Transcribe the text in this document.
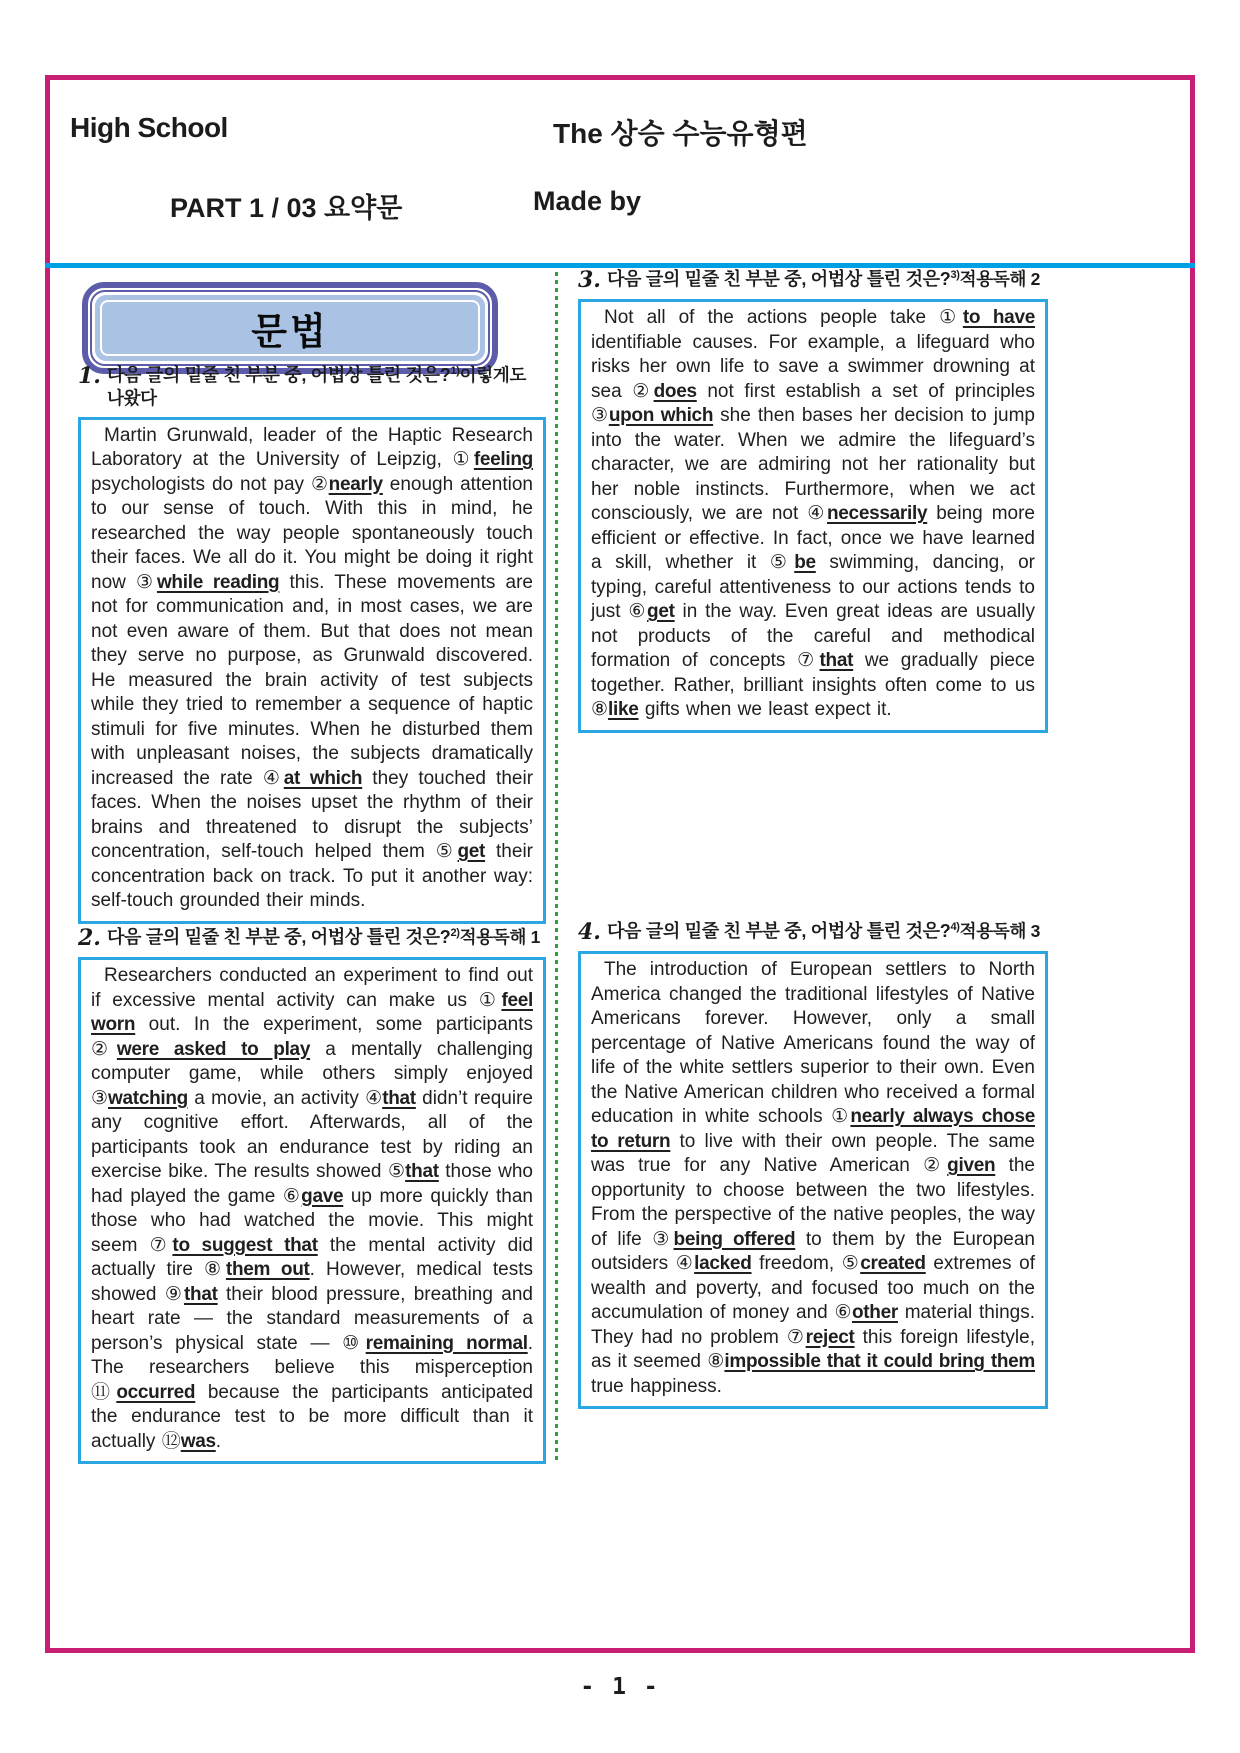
High School	The 상승 수능유형편
PART 1 / 03 요약문	Made by
문법
1. 다음 글의 밑줄 친 부분 중, 어법상 틀린 것은?$^{1)}$이렇게도 나왔다

Martin Grunwald, leader of the Haptic Research Laboratory at the University of Leipzig, ①feeling psychologists do not pay ②nearly enough attention to our sense of touch. With this in mind, he researched the way people spontaneously touch their faces. We all do it. You might be doing it right now ③while reading this. These movements are not for communication and, in most cases, we are not even aware of them. But that does not mean they serve no purpose, as Grunwald discovered. He measured the brain activity of test subjects while they tried to remember a sequence of haptic stimuli for five minutes. When he disturbed them with unpleasant noises, the subjects dramatically increased the rate ④at which they touched their faces. When the noises upset the rhythm of their brains and threatened to disrupt the subjects’ concentration, self-touch helped them ⑤get their concentration back on track. To put it another way: self-touch grounded their minds.

2. 다음 글의 밑줄 친 부분 중, 어법상 틀린 것은?$^{2)}$적용독해 1

Researchers conducted an experiment to find out if excessive mental activity can make us ①feel worn out. In the experiment, some participants ②were asked to play a mentally challenging computer game, while others simply enjoyed ③watching a movie, an activity ④that didn’t require any cognitive effort. Afterwards, all of the participants took an endurance test by riding an exercise bike. The results showed ⑤that those who had played the game ⑥gave up more quickly than those who had watched the movie. This might seem ⑦to suggest that the mental activity did actually tire ⑧them out. However, medical tests showed ⑨that their blood pressure, breathing and heart rate — the standard measurements of a person’s physical state — ⑩remaining normal. The researchers believe this misperception ⑪occurred because the participants anticipated the endurance test to be more difficult than it actually ⑫was.

3. 다음 글의 밑줄 친 부분 중, 어법상 틀린 것은?$^{3)}$적용독해 2

Not all of the actions people take ①to have identifiable causes. For example, a lifeguard who risks her own life to save a swimmer drowning at sea ②does not first establish a set of principles ③upon which she then bases her decision to jump into the water. When we admire the lifeguard’s character, we are admiring not her rationality but her noble instincts. Furthermore, when we act consciously, we are not ④necessarily being more efficient or effective. In fact, once we have learned a skill, whether it ⑤be swimming, dancing, or typing, careful attentiveness to our actions tends to just ⑥get in the way. Even great ideas are usually not products of the careful and methodical formation of concepts ⑦that we gradually piece together. Rather, brilliant insights often come to us ⑧like gifts when we least expect it.

4. 다음 글의 밑줄 친 부분 중, 어법상 틀린 것은?$^{4)}$적용독해 3

The introduction of European settlers to North America changed the traditional lifestyles of Native Americans forever. However, only a small percentage of Native Americans found the way of life of the white settlers superior to their own. Even the Native American children who received a formal education in white schools ①nearly always chose to return to live with their own people. The same was true for any Native American ②given the opportunity to choose between the two lifestyles. From the perspective of the native peoples, the way of life ③being offered to them by the European outsiders ④lacked freedom, ⑤created extremes of wealth and poverty, and focused too much on the accumulation of money and ⑥other material things. They had no problem ⑦reject this foreign lifestyle, as it seemed ⑧impossible that it could bring them true happiness.

- 1 -
